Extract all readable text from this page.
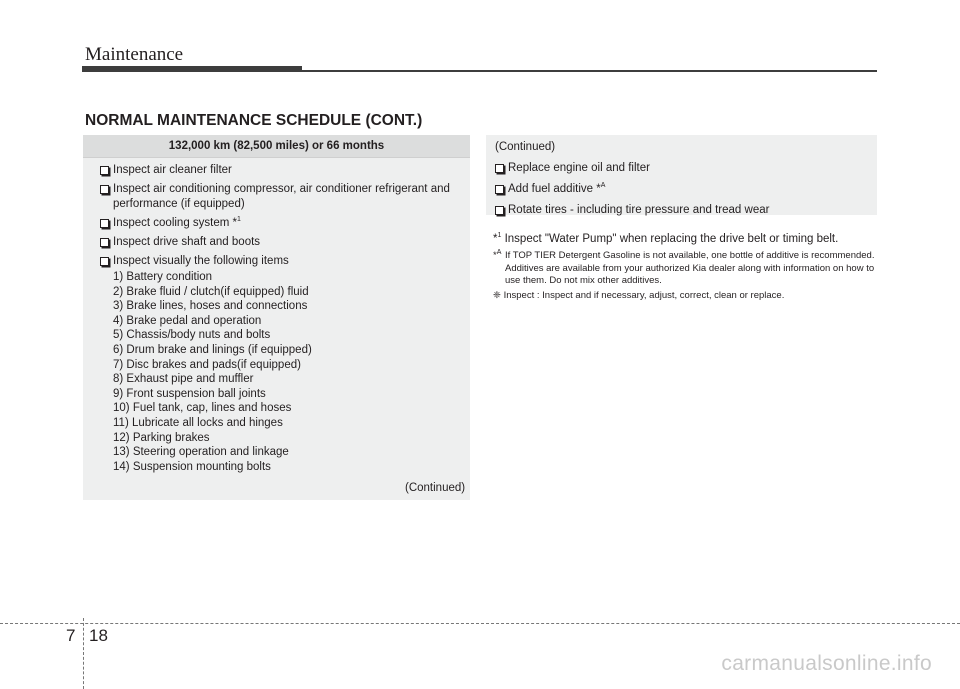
Maintenance
NORMAL MAINTENANCE SCHEDULE (CONT.)
132,000 km (82,500 miles) or 66 months
Inspect air cleaner filter
Inspect air conditioning compressor, air conditioner refrigerant and performance (if equipped)
Inspect cooling system *$^1$
Inspect drive shaft and boots
Inspect visually the following items
1) Battery condition
2) Brake fluid / clutch(if equipped) fluid
3) Brake lines, hoses and connections
4) Brake pedal and operation
5) Chassis/body nuts and bolts
6) Drum brake and linings (if equipped)
7) Disc brakes and pads(if equipped)
8) Exhaust pipe and muffler
9) Front suspension ball joints
10) Fuel tank, cap, lines and hoses
11) Lubricate all locks and hinges
12) Parking brakes
13) Steering operation and linkage
14) Suspension mounting bolts
(Continued)
(Continued)
Replace engine oil and filter
Add fuel additive *$^A$
Rotate tires - including tire pressure and tread wear
*$^1$ Inspect "Water Pump" when replacing the drive belt or timing belt.
*$^A$ If TOP TIER Detergent Gasoline is not available, one bottle of additive is recommended. Additives are available from your authorized Kia dealer along with information on how to use them. Do not mix other additives.
❈ Inspect : Inspect and if necessary, adjust, correct, clean or replace.
7 18
carmanualsonline.info
